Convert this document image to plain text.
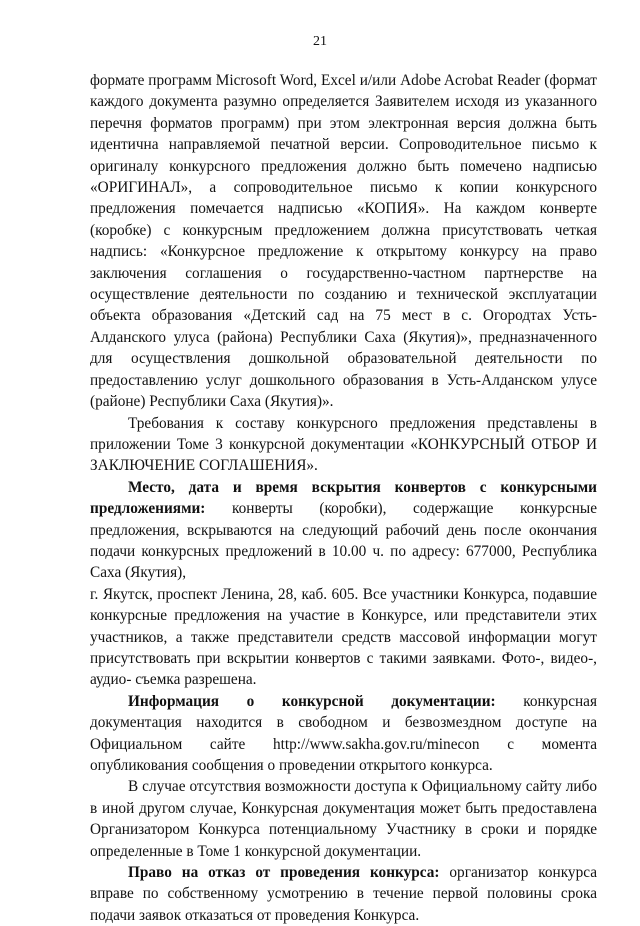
21

формате программ Microsoft Word, Excel и/или Adobe Acrobat Reader (формат каждого документа разумно определяется Заявителем исходя из указанного перечня форматов программ) при этом электронная версия должна быть идентична направляемой печатной версии. Сопроводительное письмо к оригиналу конкурсного предложения должно быть помечено надписью «ОРИГИНАЛ», а сопроводительное письмо к копии конкурсного предложения помечается надписью «КОПИЯ». На каждом конверте (коробке) с конкурсным предложением должна присутствовать четкая надпись: «Конкурсное предложение к открытому конкурсу на право заключения соглашения о государственно-частном партнерстве на осуществление деятельности по созданию и технической эксплуатации объекта образования «Детский сад на 75 мест в с. Огородтах Усть-Алданского улуса (района) Республики Саха (Якутия)», предназначенного для осуществления дошкольной образовательной деятельности по предоставлению услуг дошкольного образования в Усть-Алданском улусе (районе) Республики Саха (Якутия)».

Требования к составу конкурсного предложения представлены в приложении Томе 3 конкурсной документации «КОНКУРСНЫЙ ОТБОР И ЗАКЛЮЧЕНИЕ СОГЛАШЕНИЯ».

Место, дата и время вскрытия конвертов с конкурсными предложениями: конверты (коробки), содержащие конкурсные предложения, вскрываются на следующий рабочий день после окончания подачи конкурсных предложений в 10.00 ч. по адресу: 677000, Республика Саха (Якутия),

г. Якутск, проспект Ленина, 28, каб. 605. Все участники Конкурса, подавшие конкурсные предложения на участие в Конкурсе, или представители этих участников, а также представители средств массовой информации могут присутствовать при вскрытии конвертов с такими заявками. Фото-, видео-, аудио- съемка разрешена.

Информация о конкурсной документации: конкурсная документация находится в свободном и безвозмездном доступе на Официальном сайте http://www.sakha.gov.ru/minecon с момента опубликования сообщения о проведении открытого конкурса.

В случае отсутствия возможности доступа к Официальному сайту либо в иной другом случае, Конкурсная документация может быть предоставлена Организатором Конкурса потенциальному Участнику в сроки и порядке определенные в Томе 1 конкурсной документации.

Право на отказ от проведения конкурса: организатор конкурса вправе по собственному усмотрению в течение первой половины срока подачи заявок отказаться от проведения Конкурса.
